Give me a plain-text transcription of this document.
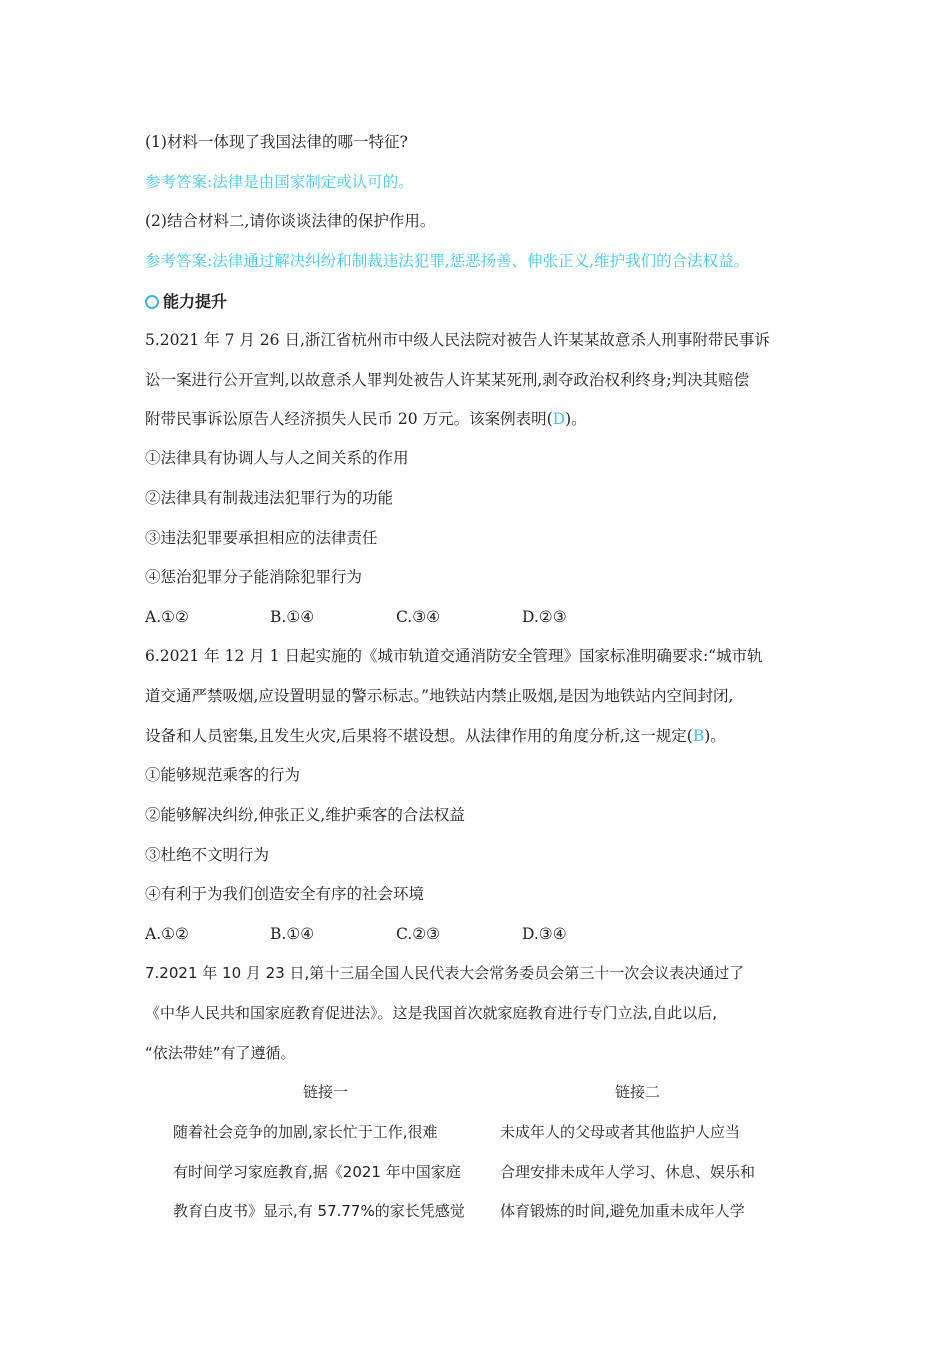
(1)材料一体现了我国法律的哪一特征?
参考答案:法律是由国家制定或认可的。
(2)结合材料二,请你谈谈法律的保护作用。
参考答案:法律通过解决纠纷和制裁违法犯罪,惩恶扬善、伸张正义,维护我们的合法权益。
能力提升
5.2021 年 7 月 26 日,浙江省杭州市中级人民法院对被告人许某某故意杀人刑事附带民事诉
讼一案进行公开宣判,以故意杀人罪判处被告人许某某死刑,剥夺政治权利终身;判决其赔偿
附带民事诉讼原告人经济损失人民币 20 万元。该案例表明(D)。
①法律具有协调人与人之间关系的作用
②法律具有制裁违法犯罪行为的功能
③违法犯罪要承担相应的法律责任
④惩治犯罪分子能消除犯罪行为
A.①②	B.①④	C.③④	D.②③
6.2021 年 12 月 1 日起实施的《城市轨道交通消防安全管理》国家标准明确要求:“城市轨
道交通严禁吸烟,应设置明显的警示标志。”地铁站内禁止吸烟,是因为地铁站内空间封闭,
设备和人员密集,且发生火灾,后果将不堪设想。从法律作用的角度分析,这一规定(B)。
①能够规范乘客的行为
②能够解决纠纷,伸张正义,维护乘客的合法权益
③杜绝不文明行为
④有利于为我们创造安全有序的社会环境
A.①②	B.①④	C.②③	D.③④
7.2021 年 10 月 23 日,第十三届全国人民代表大会常务委员会第三十一次会议表决通过了
《中华人民共和国家庭教育促进法》。这是我国首次就家庭教育进行专门立法,自此以后,
“依法带娃”有了遵循。
链接一	链接二
随着社会竞争的加剧,家长忙于工作,很难
有时间学习家庭教育,据《2021 年中国家庭
教育白皮书》显示,有 57.77%的家长凭感觉
未成年人的父母或者其他监护人应当
合理安排未成年人学习、休息、娱乐和
体育锻炼的时间,避免加重未成年人学
